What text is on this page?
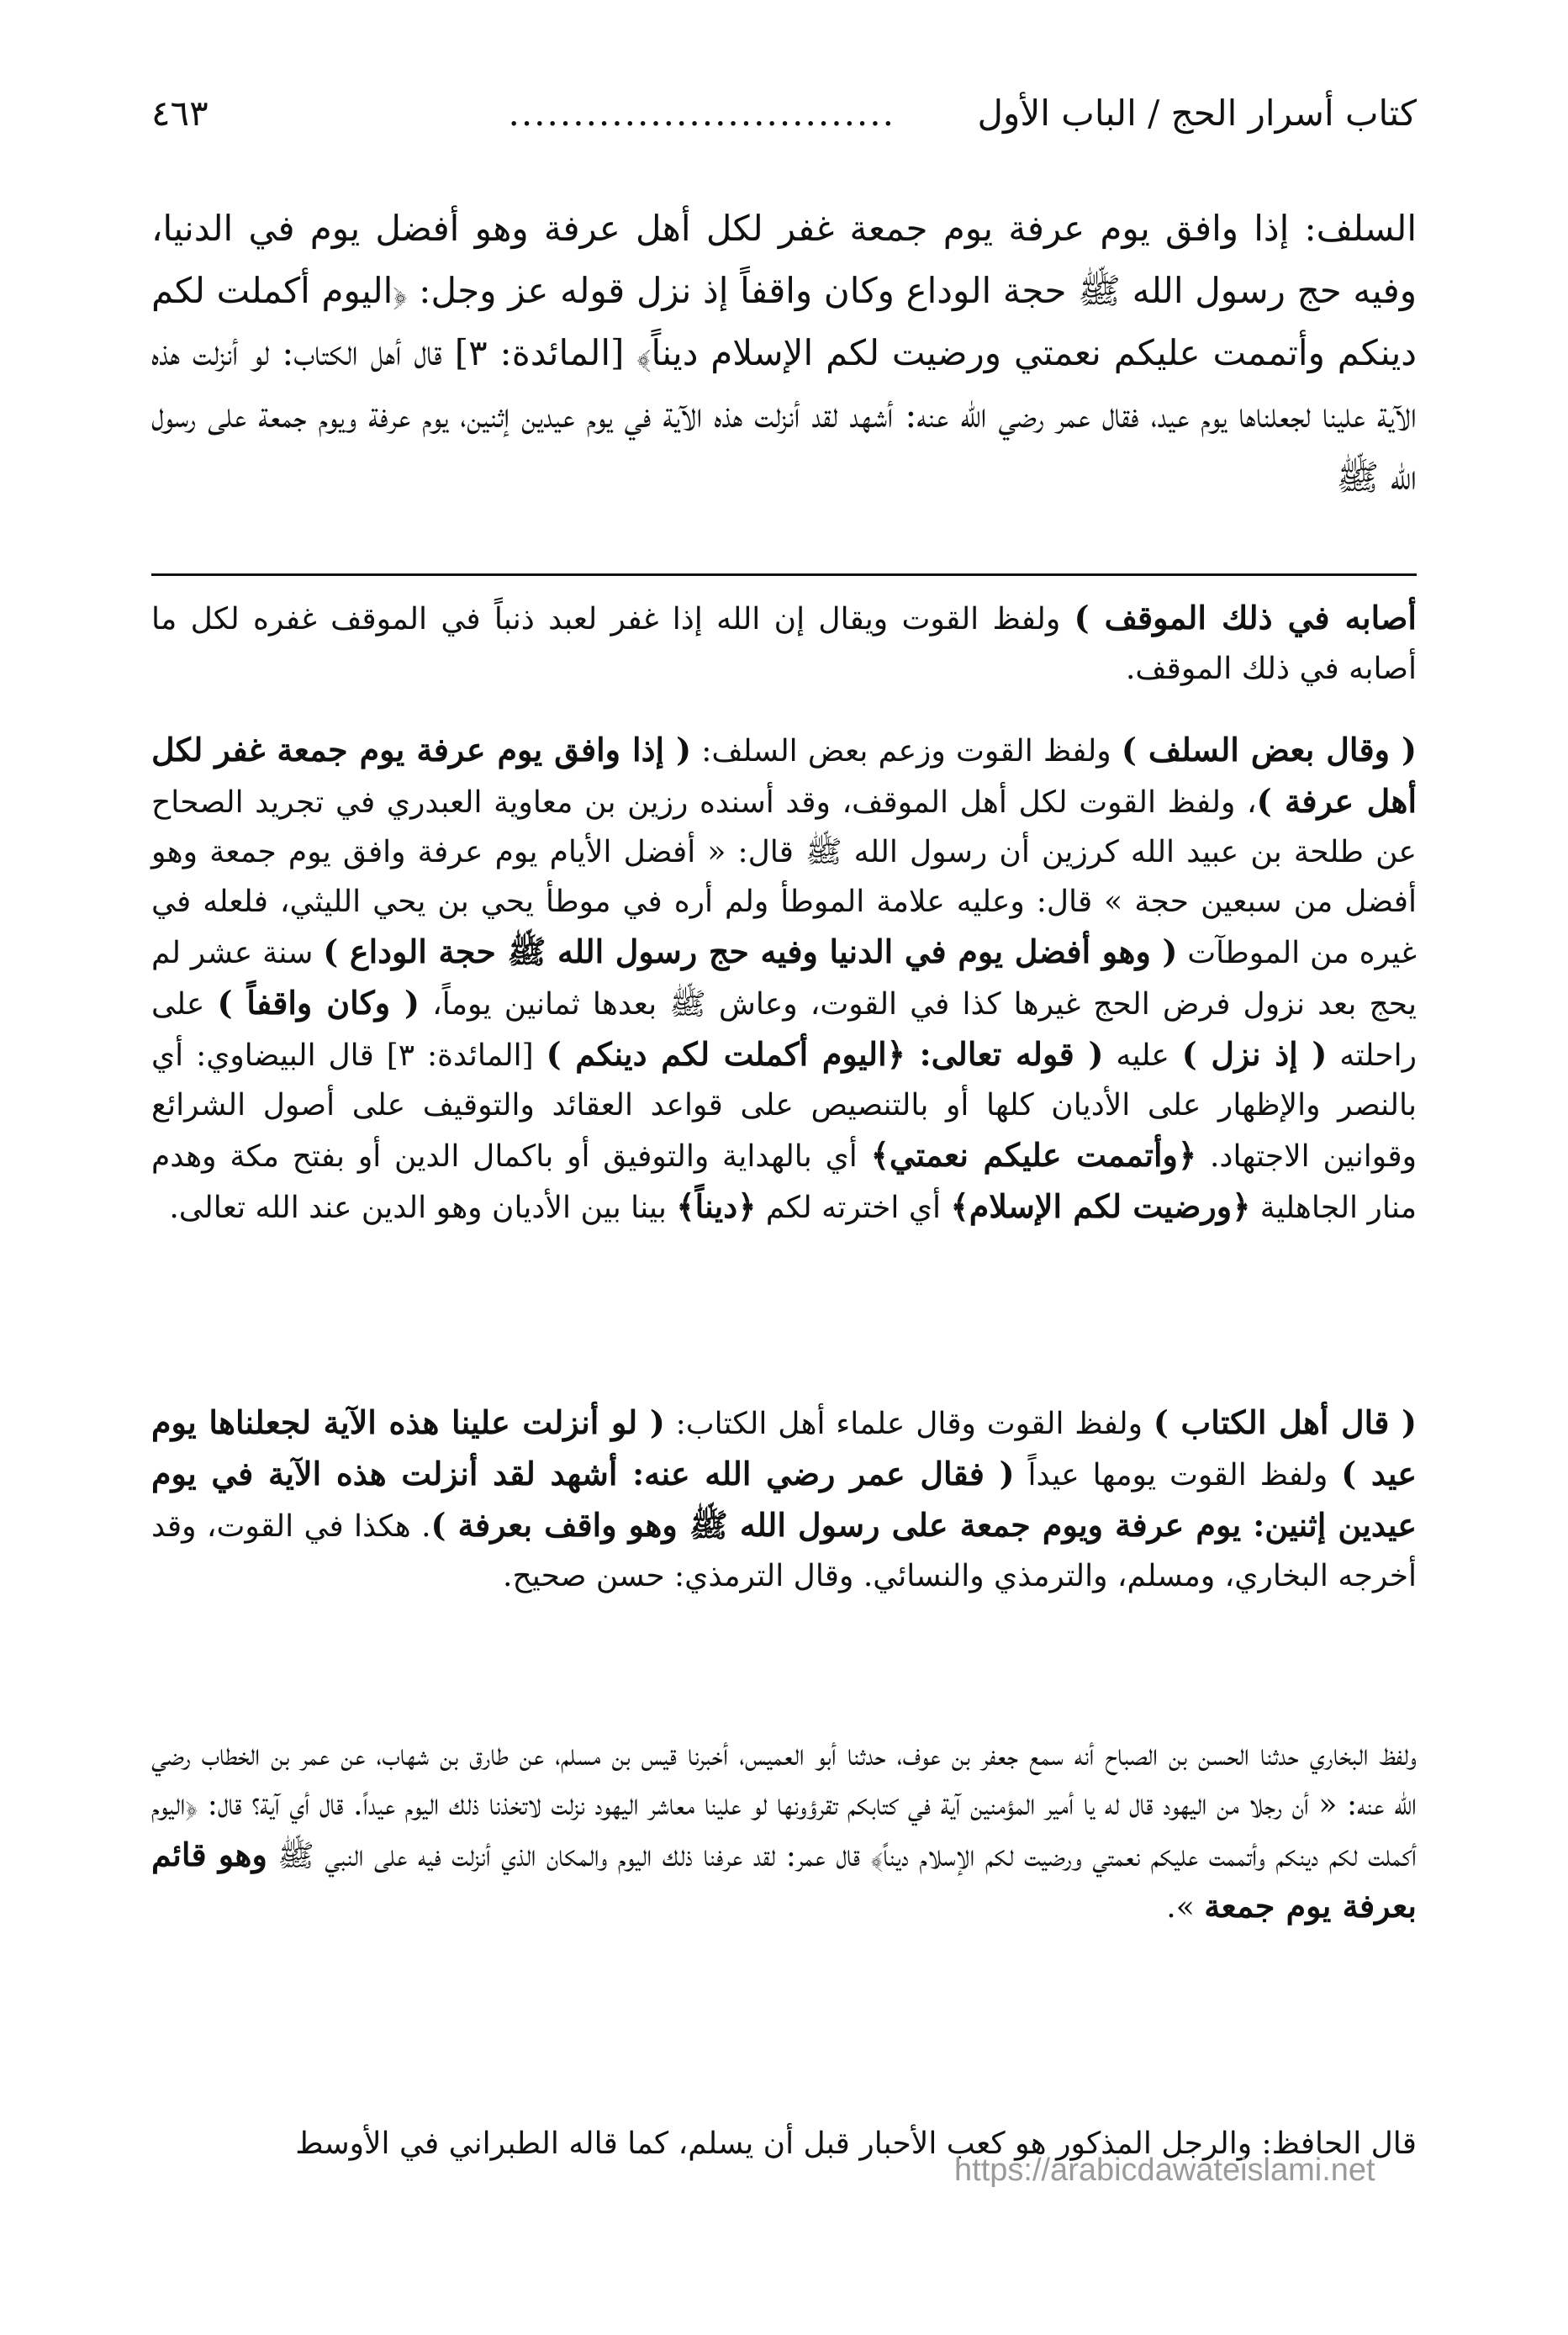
كتاب أسرار الحج / الباب الأول
..............................
٤٦٣

السلف: إذا وافق يوم عرفة يوم جمعة غفر لكل أهل عرفة وهو أفضل يوم في الدنيا، وفيه حج رسول الله ﷺ حجة الوداع وكان واقفاً إذ نزل قوله عز وجل: ﴿اليوم أكملت لكم دينكم وأتممت عليكم نعمتي ورضيت لكم الإسلام ديناً﴾ [المائدة: ٣] قال أهل الكتاب: لو أنزلت هذه الآية علينا لجعلناها يوم عيد، فقال عمر رضي الله عنه: أشهد لقد أنزلت هذه الآية في يوم عيدين إثنين، يوم عرفة ويوم جمعة على رسول الله ﷺ

أصابه في ذلك الموقف ) ولفظ القوت ويقال إن الله إذا غفر لعبد ذنباً في الموقف غفره لكل ما أصابه في ذلك الموقف.

( وقال بعض السلف ) ولفظ القوت وزعم بعض السلف: ( إذا وافق يوم عرفة يوم جمعة غفر لكل أهل عرفة )، ولفظ القوت لكل أهل الموقف، وقد أسنده رزين بن معاوية العبدري في تجريد الصحاح عن طلحة بن عبيد الله كرزين أن رسول الله ﷺ قال: « أفضل الأيام يوم عرفة وافق يوم جمعة وهو أفضل من سبعين حجة » قال: وعليه علامة الموطأ ولم أره في موطأ يحي بن يحي الليثي، فلعله في غيره من الموطآت ( وهو أفضل يوم في الدنيا وفيه حج رسول الله ﷺ حجة الوداع ) سنة عشر لم يحج بعد نزول فرض الحج غيرها كذا في القوت، وعاش ﷺ بعدها ثمانين يوماً، ( وكان واقفاً ) على راحلته ( إذ نزل ) عليه ( قوله تعالى: ﴿اليوم أكملت لكم دينكم ) [المائدة: ٣] قال البيضاوي: أي بالنصر والإظهار على الأديان كلها أو بالتنصيص على قواعد العقائد والتوقيف على أصول الشرائع وقوانين الاجتهاد. ﴿وأتممت عليكم نعمتي﴾ أي بالهداية والتوفيق أو باكمال الدين أو بفتح مكة وهدم منار الجاهلية ﴿ورضيت لكم الإسلام﴾ أي اخترته لكم ﴿ديناً﴾ بينا بين الأديان وهو الدين عند الله تعالى.

( قال أهل الكتاب ) ولفظ القوت وقال علماء أهل الكتاب: ( لو أنزلت علينا هذه الآية لجعلناها يوم عيد ) ولفظ القوت يومها عيداً ( فقال عمر رضي الله عنه: أشهد لقد أنزلت هذه الآية في يوم عيدين إثنين: يوم عرفة ويوم جمعة على رسول الله ﷺ وهو واقف بعرفة ). هكذا في القوت، وقد أخرجه البخاري، ومسلم، والترمذي والنسائي. وقال الترمذي: حسن صحيح.

ولفظ البخاري حدثنا الحسن بن الصباح أنه سمع جعفر بن عوف، حدثنا أبو العميس، أخبرنا قيس بن مسلم، عن طارق بن شهاب، عن عمر بن الخطاب رضي الله عنه: « أن رجلا من اليهود قال له يا أمير المؤمنين آية في كتابكم تقرؤونها لو علينا معاشر اليهود نزلت لاتخذنا ذلك اليوم عيداً. قال أي آية؟ قال: ﴿اليوم أكملت لكم دينكم وأتممت عليكم نعمتي ورضيت لكم الإسلام ديناً﴾ قال عمر: لقد عرفنا ذلك اليوم والمكان الذي أنزلت فيه على النبي ﷺ وهو قائم بعرفة يوم جمعة ».

قال الحافظ: والرجل المذكور هو كعب الأحبار قبل أن يسلم، كما قاله الطبراني في الأوسط

https://arabicdawateislami.net
